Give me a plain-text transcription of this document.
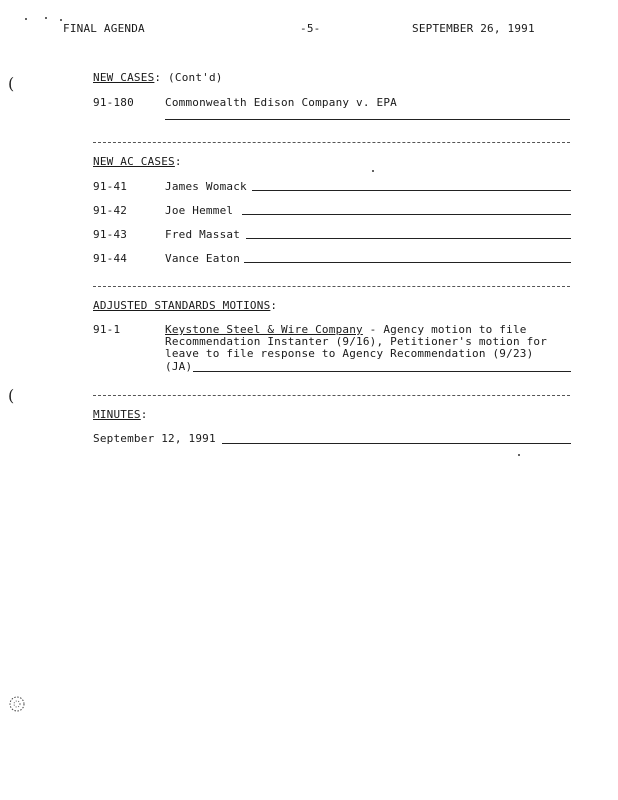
(
(
FINAL AGENDA	-5-	SEPTEMBER 26, 1991
NEW CASES: (Cont'd)
91-180	Commonwealth Edison Company v. EPA
NEW AC CASES:
91-41	James Womack
91-42	Joe Hemmel
91-43	Fred Massat
91-44	Vance Eaton
ADJUSTED STANDARDS MOTIONS:
91-1	Keystone Steel & Wire Company - Agency motion to file
Recommendation Instanter (9/16), Petitioner's motion for
leave to file response to Agency Recommendation (9/23)
(JA)
MINUTES:
September 12, 1991
